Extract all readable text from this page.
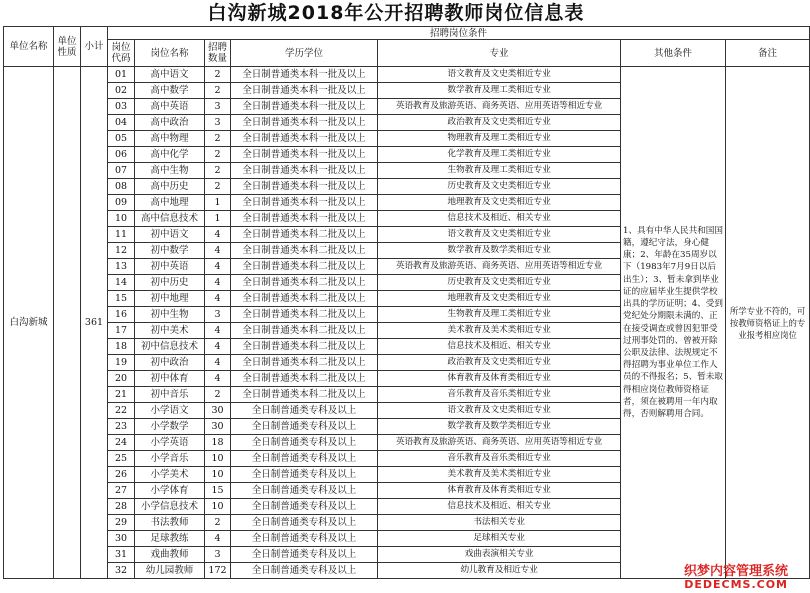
白沟新城2018年公开招聘教师岗位信息表
单位名称	单位性质	小计	招聘岗位条件						
			岗位代码	岗位名称	招聘数量	学历学位	专业	其他条件	备注
白沟新城		361	01	高中语文	2	全日制普通类本科一批及以上	语文教育及文史类相近专业	1、具有中华人民共和国国籍，遵纪守法，身心健康；2、年龄在35周岁以下（1983年7月9日以后出生）；3、暂未拿到毕业证的应届毕业生提供学校出具的学历证明；4、受到党纪处分期限未满的、正在接受调查或曾因犯罪受过刑事处罚的、曾被开除公职及法律、法规规定不得招聘为事业单位工作人员的不得报名；5、暂未取得相应岗位教师资格证者，须在被聘用一年内取得，否则解聘用合同。	所学专业不符的，可按教师资格证上的专业报考相应岗位
			02	高中数学	2	全日制普通类本科一批及以上	数学教育及理工类相近专业		
			03	高中英语	3	全日制普通类本科一批及以上	英语教育及旅游英语、商务英语、应用英语等相近专业		
			04	高中政治	3	全日制普通类本科一批及以上	政治教育及文史类相近专业		
			05	高中物理	2	全日制普通类本科一批及以上	物理教育及理工类相近专业		
			06	高中化学	2	全日制普通类本科一批及以上	化学教育及理工类相近专业		
			07	高中生物	2	全日制普通类本科一批及以上	生物教育及理工类相近专业		
			08	高中历史	2	全日制普通类本科一批及以上	历史教育及文史类相近专业		
			09	高中地理	1	全日制普通类本科一批及以上	地理教育及文史类相近专业		
			10	高中信息技术	1	全日制普通类本科一批及以上	信息技术及相近、相关专业		
			11	初中语文	4	全日制普通类本科二批及以上	语文教育及文史类相近专业		
			12	初中数学	4	全日制普通类本科二批及以上	数学教育及数学类相近专业		
			13	初中英语	4	全日制普通类本科二批及以上	英语教育及旅游英语、商务英语、应用英语等相近专业		
			14	初中历史	4	全日制普通类本科二批及以上	历史教育及文史类相近专业		
			15	初中地理	4	全日制普通类本科二批及以上	地理教育及文史类相近专业		
			16	初中生物	3	全日制普通类本科二批及以上	生物教育及理工类相近专业		
			17	初中美术	4	全日制普通类本科二批及以上	美术教育及美术类相近专业		
			18	初中信息技术	4	全日制普通类本科二批及以上	信息技术及相近、相关专业		
			19	初中政治	4	全日制普通类本科二批及以上	政治教育及文史类相近专业		
			20	初中体育	4	全日制普通类本科二批及以上	体育教育及体育类相近专业		
			21	初中音乐	2	全日制普通类本科二批及以上	音乐教育及音乐类相近专业		
			22	小学语文	30	全日制普通类专科及以上	语文教育及文史类相近专业		
			23	小学数学	30	全日制普通类专科及以上	数学教育及数学类相近专业		
			24	小学英语	18	全日制普通类专科及以上	英语教育及旅游英语、商务英语、应用英语等相近专业		
			25	小学音乐	10	全日制普通类专科及以上	音乐教育及音乐类相近专业		
			26	小学美术	10	全日制普通类专科及以上	美术教育及美术类相近专业		
			27	小学体育	15	全日制普通类专科及以上	体育教育及体育类相近专业		
			28	小学信息技术	10	全日制普通类专科及以上	信息技术及相近、相关专业		
			29	书法教师	2	全日制普通类专科及以上	书法相关专业		
			30	足球教练	4	全日制普通类专科及以上	足球相关专业		
			31	戏曲教师	3	全日制普通类专科及以上	戏曲表演相关专业		
			32	幼儿园教师	172	全日制普通类专科及以上	幼儿教育及相近专业			织梦内容管理系统
DEDECMS.COM
